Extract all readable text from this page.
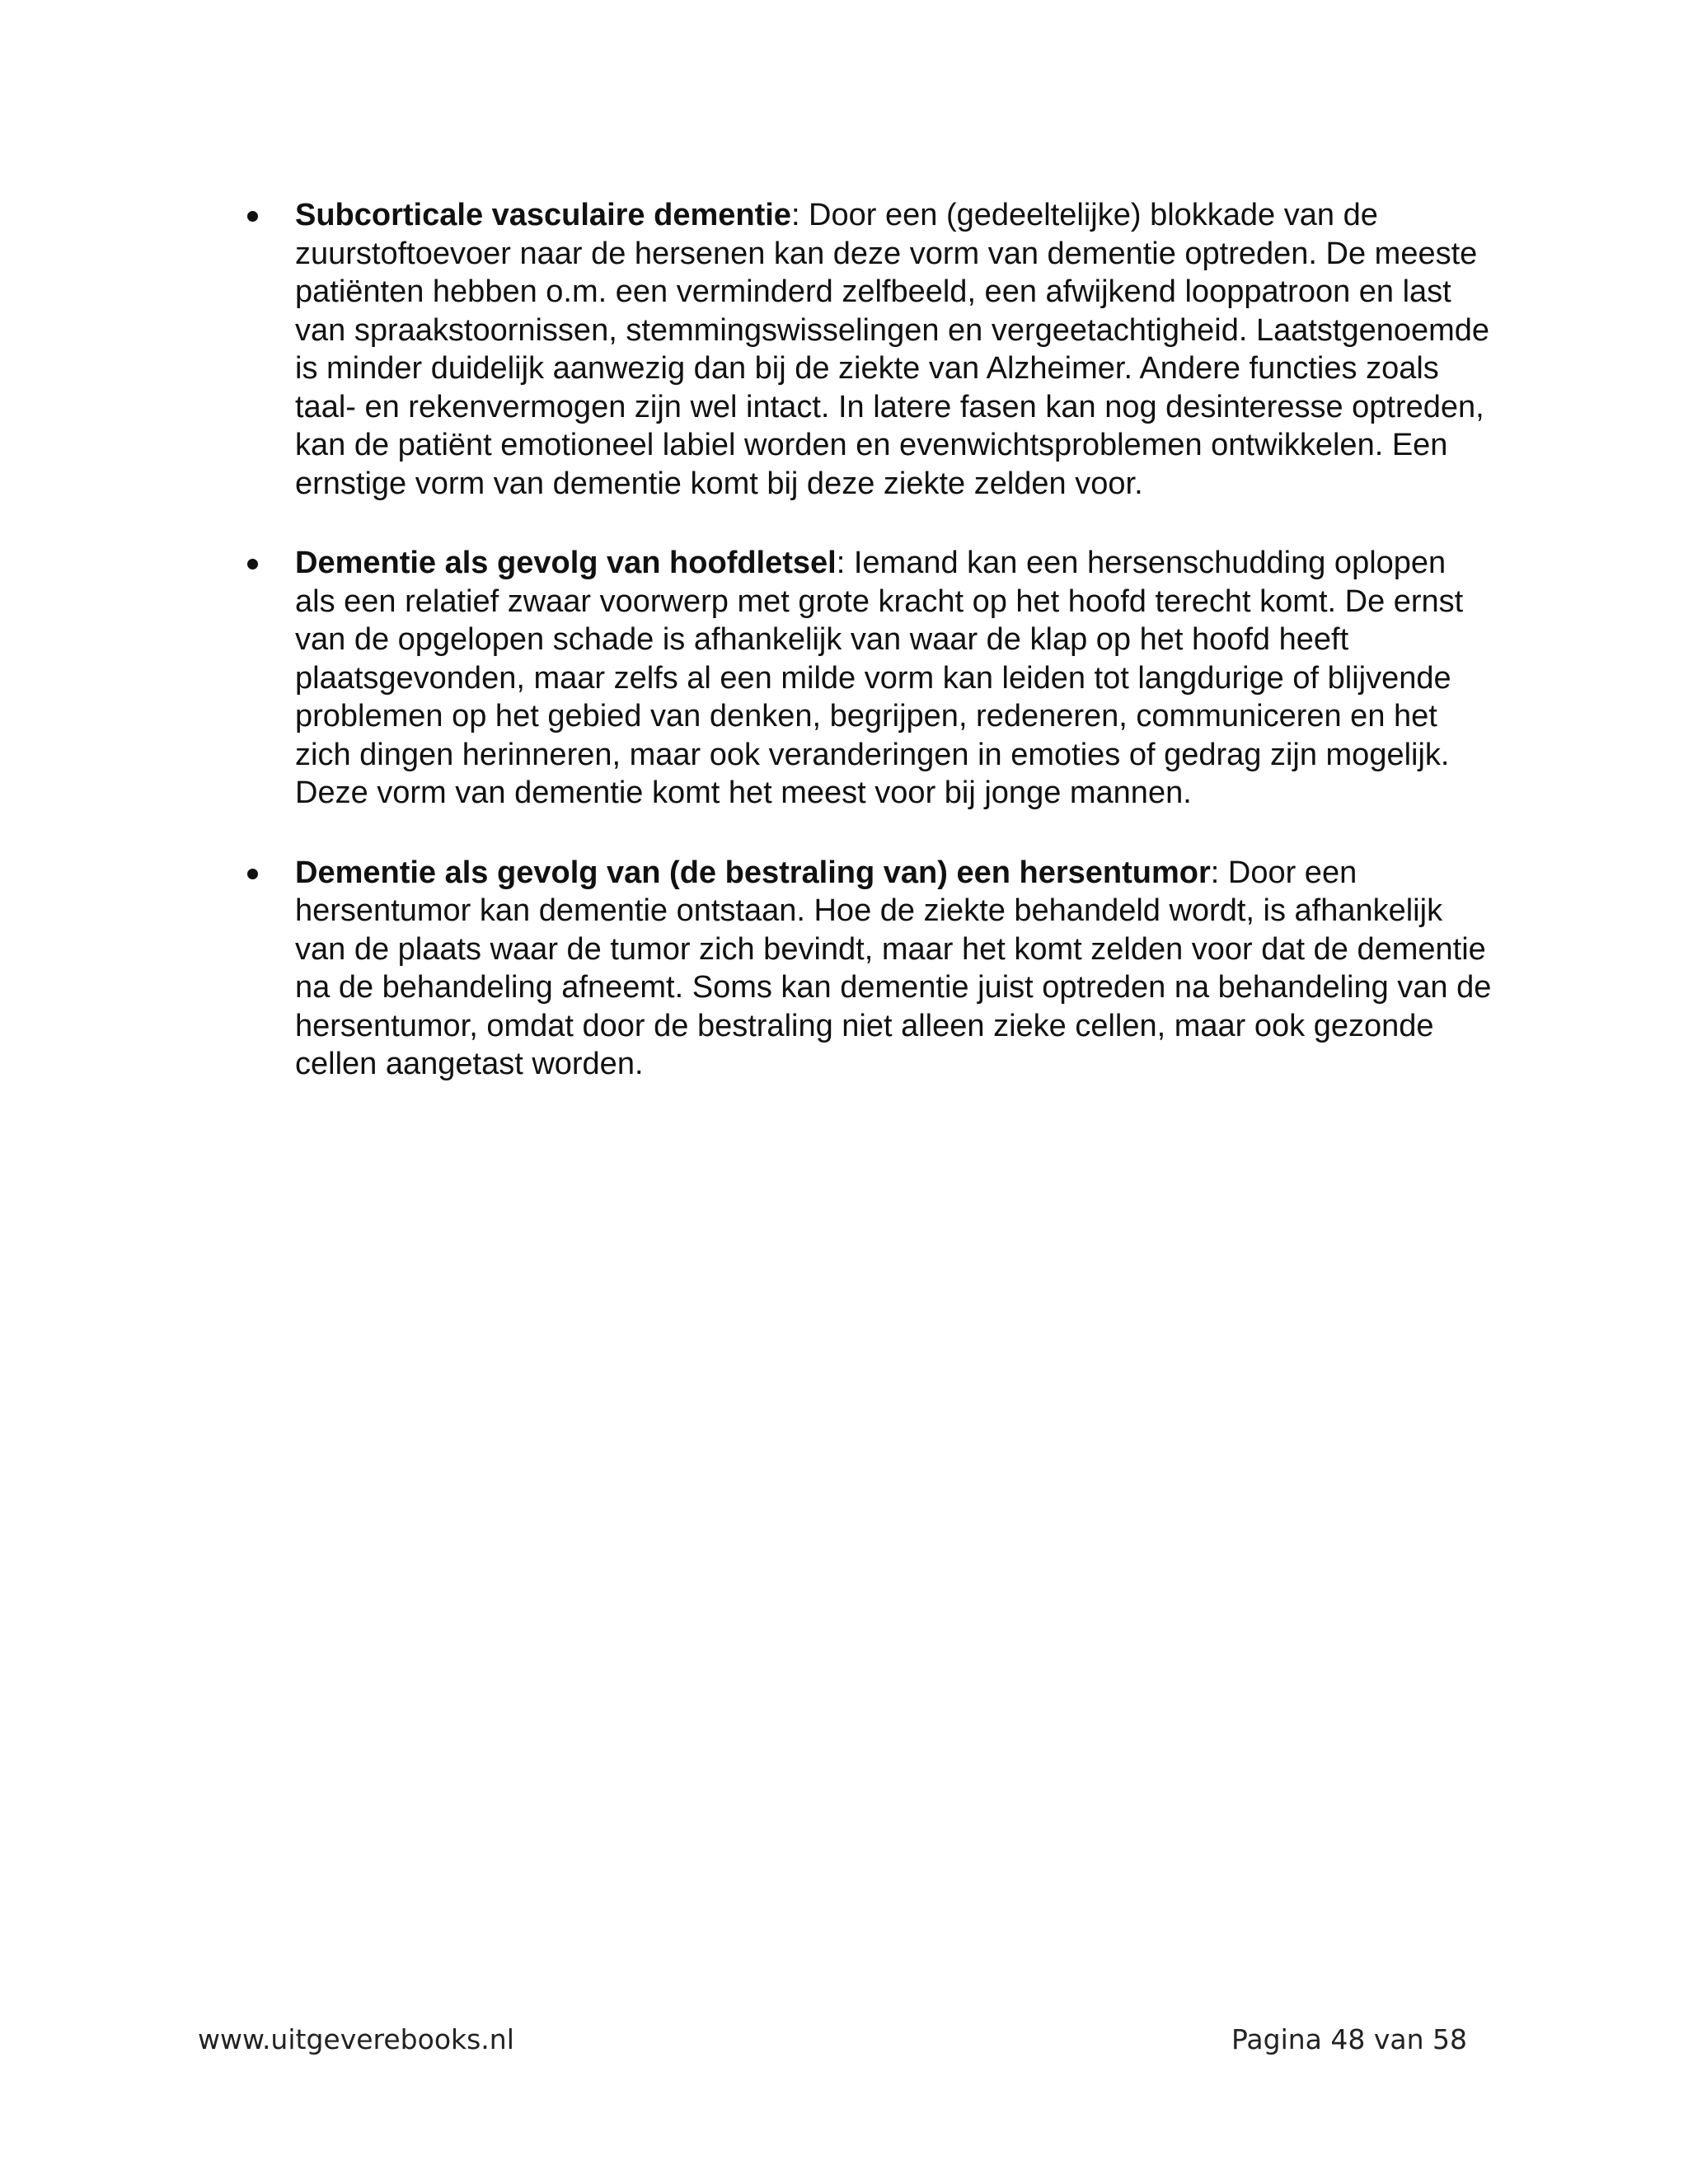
Subcorticale vasculaire dementie: Door een (gedeeltelijke) blokkade van de zuurstoftoevoer naar de hersenen kan deze vorm van dementie optreden. De meeste patiënten hebben o.m. een verminderd zelfbeeld, een afwijkend looppatroon en last van spraakstoornissen, stemmingswisselingen en vergeetachtigheid. Laatstgenoemde is minder duidelijk aanwezig dan bij de ziekte van Alzheimer. Andere functies zoals taal- en rekenvermogen zijn wel intact. In latere fasen kan nog desinteresse optreden, kan de patiënt emotioneel labiel worden en evenwichtsproblemen ontwikkelen. Een ernstige vorm van dementie komt bij deze ziekte zelden voor.
Dementie als gevolg van hoofdletsel: Iemand kan een hersenschudding oplopen als een relatief zwaar voorwerp met grote kracht op het hoofd terecht komt. De ernst van de opgelopen schade is afhankelijk van waar de klap op het hoofd heeft plaatsgevonden, maar zelfs al een milde vorm kan leiden tot langdurige of blijvende problemen op het gebied van denken, begrijpen, redeneren, communiceren en het zich dingen herinneren, maar ook veranderingen in emoties of gedrag zijn mogelijk. Deze vorm van dementie komt het meest voor bij jonge mannen.
Dementie als gevolg van (de bestraling van) een hersentumor: Door een hersentumor kan dementie ontstaan. Hoe de ziekte behandeld wordt, is afhankelijk van de plaats waar de tumor zich bevindt, maar het komt zelden voor dat de dementie na de behandeling afneemt. Soms kan dementie juist optreden na behandeling van de hersentumor, omdat door de bestraling niet alleen zieke cellen, maar ook gezonde cellen aangetast worden.
www.uitgeverebooks.nl	Pagina 48 van 58
